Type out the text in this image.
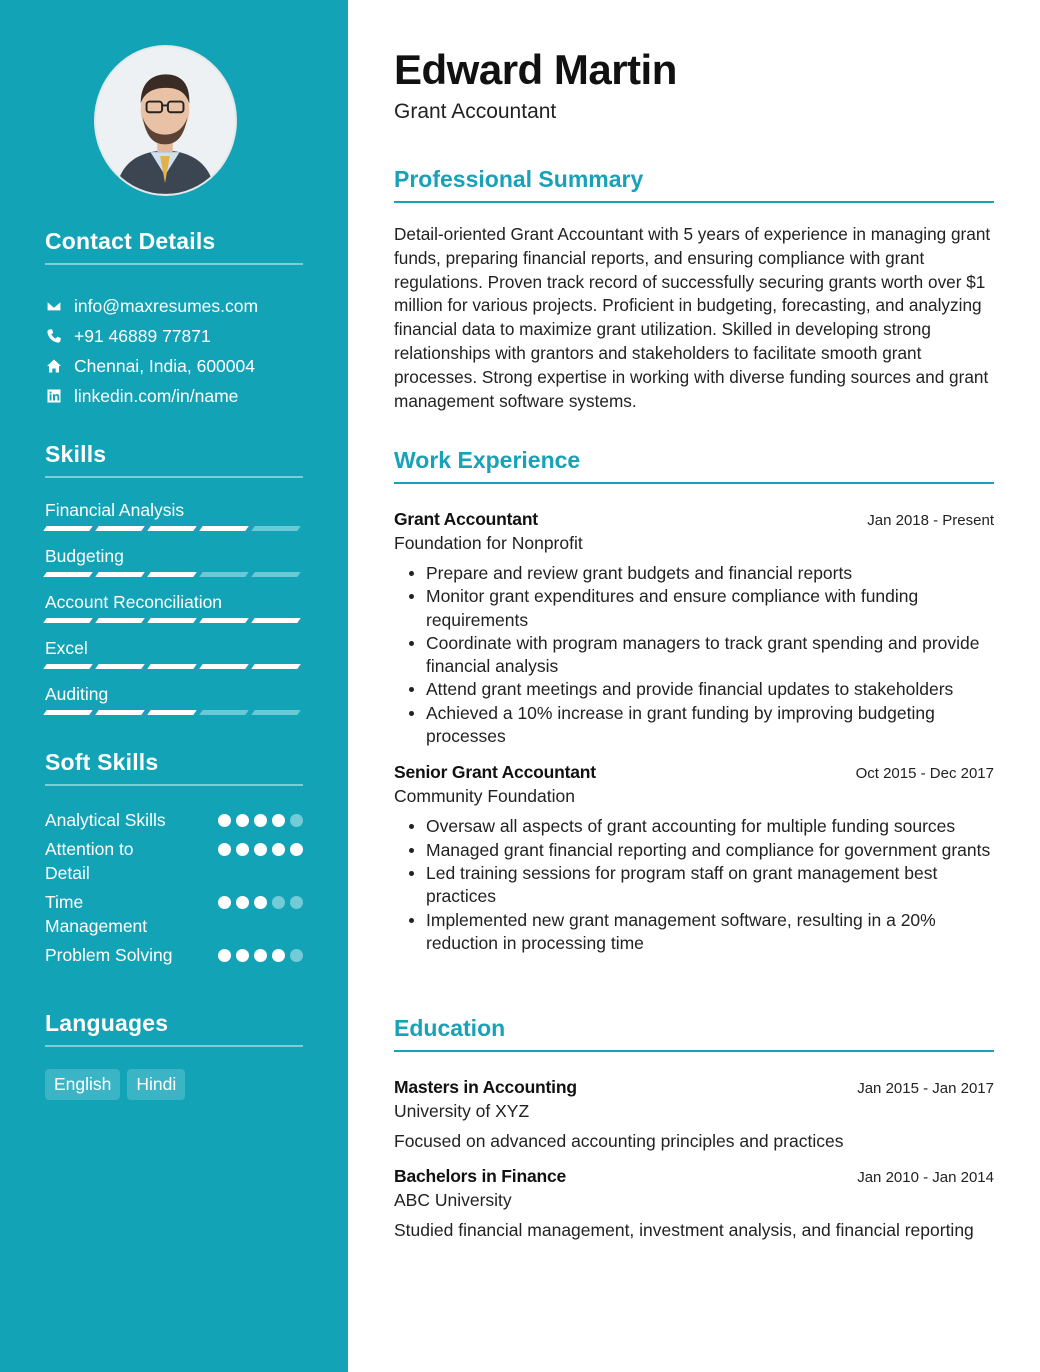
Contact Details
info@maxresumes.com
+91 46889 77871
Chennai, India, 600004
linkedin.com/in/name
Skills
Financial Analysis
Budgeting
Account Reconciliation
Excel
Auditing
Soft Skills
Analytical Skills
Attention to Detail
Time Management
Problem Solving
Languages
English	Hindi
Edward Martin
Grant Accountant
Professional Summary

Detail-oriented Grant Accountant with 5 years of experience in managing grant funds, preparing financial reports, and ensuring compliance with grant regulations. Proven track record of successfully securing grants worth over $1 million for various projects. Proficient in budgeting, forecasting, and analyzing financial data to maximize grant utilization. Skilled in developing strong relationships with grantors and stakeholders to facilitate smooth grant processes. Strong expertise in working with diverse funding sources and grant management software systems.

Work Experience
Grant Accountant	Jan 2018 - Present
Foundation for Nonprofit
Prepare and review grant budgets and financial reports
Monitor grant expenditures and ensure compliance with funding requirements
Coordinate with program managers to track grant spending and provide financial analysis
Attend grant meetings and provide financial updates to stakeholders
Achieved a 10% increase in grant funding by improving budgeting processes
Senior Grant Accountant	Oct 2015 - Dec 2017
Community Foundation
Oversaw all aspects of grant accounting for multiple funding sources
Managed grant financial reporting and compliance for government grants
Led training sessions for program staff on grant management best practices
Implemented new grant management software, resulting in a 20% reduction in processing time
Education
Masters in Accounting	Jan 2015 - Jan 2017
University of XYZ
Focused on advanced accounting principles and practices
Bachelors in Finance	Jan 2010 - Jan 2014
ABC University
Studied financial management, investment analysis, and financial reporting
